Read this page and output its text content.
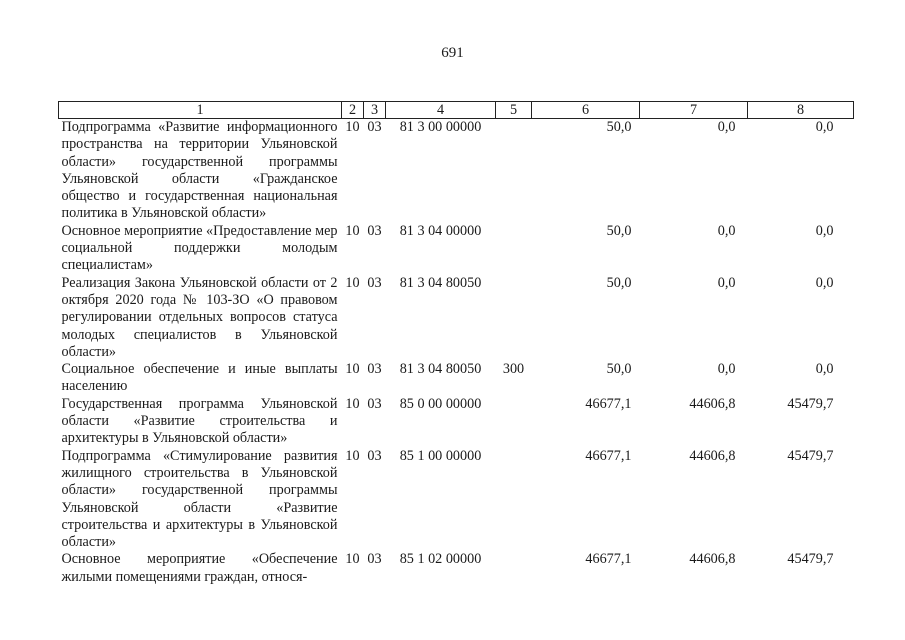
691
1	2	3	4	5	6	7	8
Подпрограмма «Развитие информационного пространства на территории Ульяновской области» государственной программы Ульяновской области «Гражданское общество и государственная национальная политика в Ульяновской области»	10	03	81 3 00 00000		50,0	0,0	0,0
Основное мероприятие «Предоставление мер социальной поддержки молодым специалистам»	10	03	81 3 04 00000		50,0	0,0	0,0
Реализация Закона Ульяновской области от 2 октября 2020 года № 103-ЗО «О правовом регулировании отдельных вопросов статуса молодых специалистов в Ульяновской области»	10	03	81 3 04 80050		50,0	0,0	0,0
Социальное обеспечение и иные выплаты населению	10	03	81 3 04 80050	300	50,0	0,0	0,0
Государственная программа Ульяновской области «Развитие строительства и архитектуры в Ульяновской области»	10	03	85 0 00 00000		46677,1	44606,8	45479,7
Подпрограмма «Стимулирование развития жилищного строительства в Ульяновской области» государственной программы Ульяновской области «Развитие строительства и архитектуры в Ульяновской области»	10	03	85 1 00 00000		46677,1	44606,8	45479,7
Основное мероприятие «Обеспечение жилыми помещениями граждан, относя-	10	03	85 1 02 00000		46677,1	44606,8	45479,7
